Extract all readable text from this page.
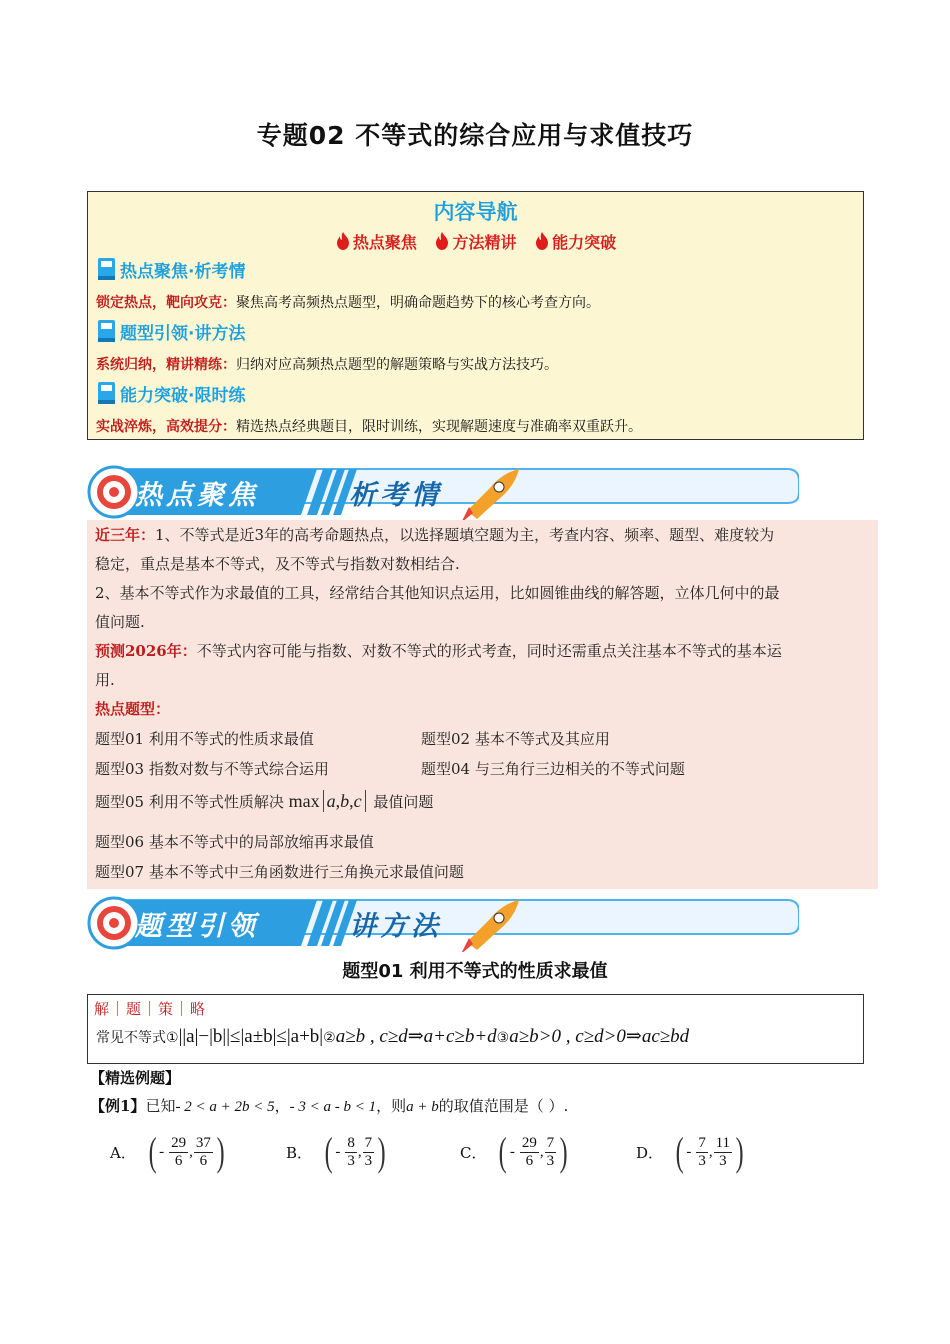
专题02 不等式的综合应用与求值技巧
内容导航
热点聚焦 方法精讲 能力突破
热点聚焦·析考情
锁定热点，靶向攻克：聚焦高考高频热点题型，明确命题趋势下的核心考查方向。
题型引领·讲方法
系统归纳，精讲精练：归纳对应高频热点题型的解题策略与实战方法技巧。
能力突破·限时练
实战淬炼，高效提分：精选热点经典题目，限时训练，实现解题速度与准确率双重跃升。
热点聚焦	析考情
近三年：1、不等式是近3年的高考命题热点，以选择题填空题为主，考查内容、频率、题型、难度较为
稳定，重点是基本不等式，及不等式与指数对数相结合.
2、基本不等式作为求最值的工具，经常结合其他知识点运用，比如圆锥曲线的解答题，立体几何中的最
值问题.
预测2026年：不等式内容可能与指数、对数不等式的形式考查，同时还需重点关注基本不等式的基本运
用.
热点题型：
题型01 利用不等式的性质求最值	题型02 基本不等式及其应用
题型03 指数对数与不等式综合运用	题型04 与三角行三边相关的不等式问题
题型05 利用不等式性质解决 max a,b,c 最值问题
题型06 基本不等式中的局部放缩再求最值
题型07 基本不等式中三角函数进行三角换元求最值问题
题型引领	讲方法
题型01 利用不等式的性质求最值
解｜题｜策｜略
常见不等式①||a|−|b||≤|a±b|≤|a+b|②a≥b , c≥d⇒a+c≥b+d③a≥b>0 , c≥d>0⇒ac≥bd
【精选例题】
【例1】已知- 2 < a + 2b < 5，- 3 < a - b < 1，则a + b的取值范围是（ ）.
A． ( - $\frac{29}{6}$ , $\frac{37}{6}$ )	B． ( - $\frac{8}{3}$ , $\frac{7}{3}$ )	C． ( - $\frac{29}{6}$ , $\frac{7}{3}$ )	D． ( - $\frac{7}{3}$ , $\frac{11}{3}$ )
